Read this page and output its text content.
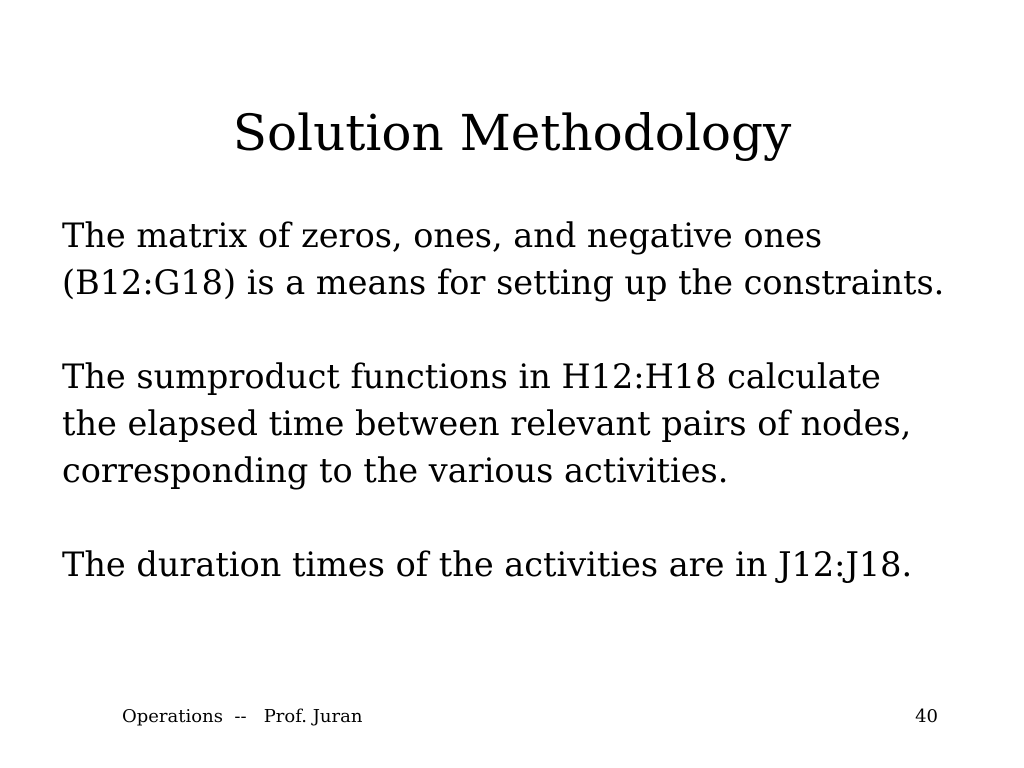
Solution Methodology

The matrix of zeros, ones, and negative ones
(B12:G18) is a means for setting up the constraints.

The sumproduct functions in H12:H18 calculate
the elapsed time between relevant pairs of nodes,
corresponding to the various activities.

The duration times of the activities are in J12:J18.

Operations  --   Prof. Juran	40
